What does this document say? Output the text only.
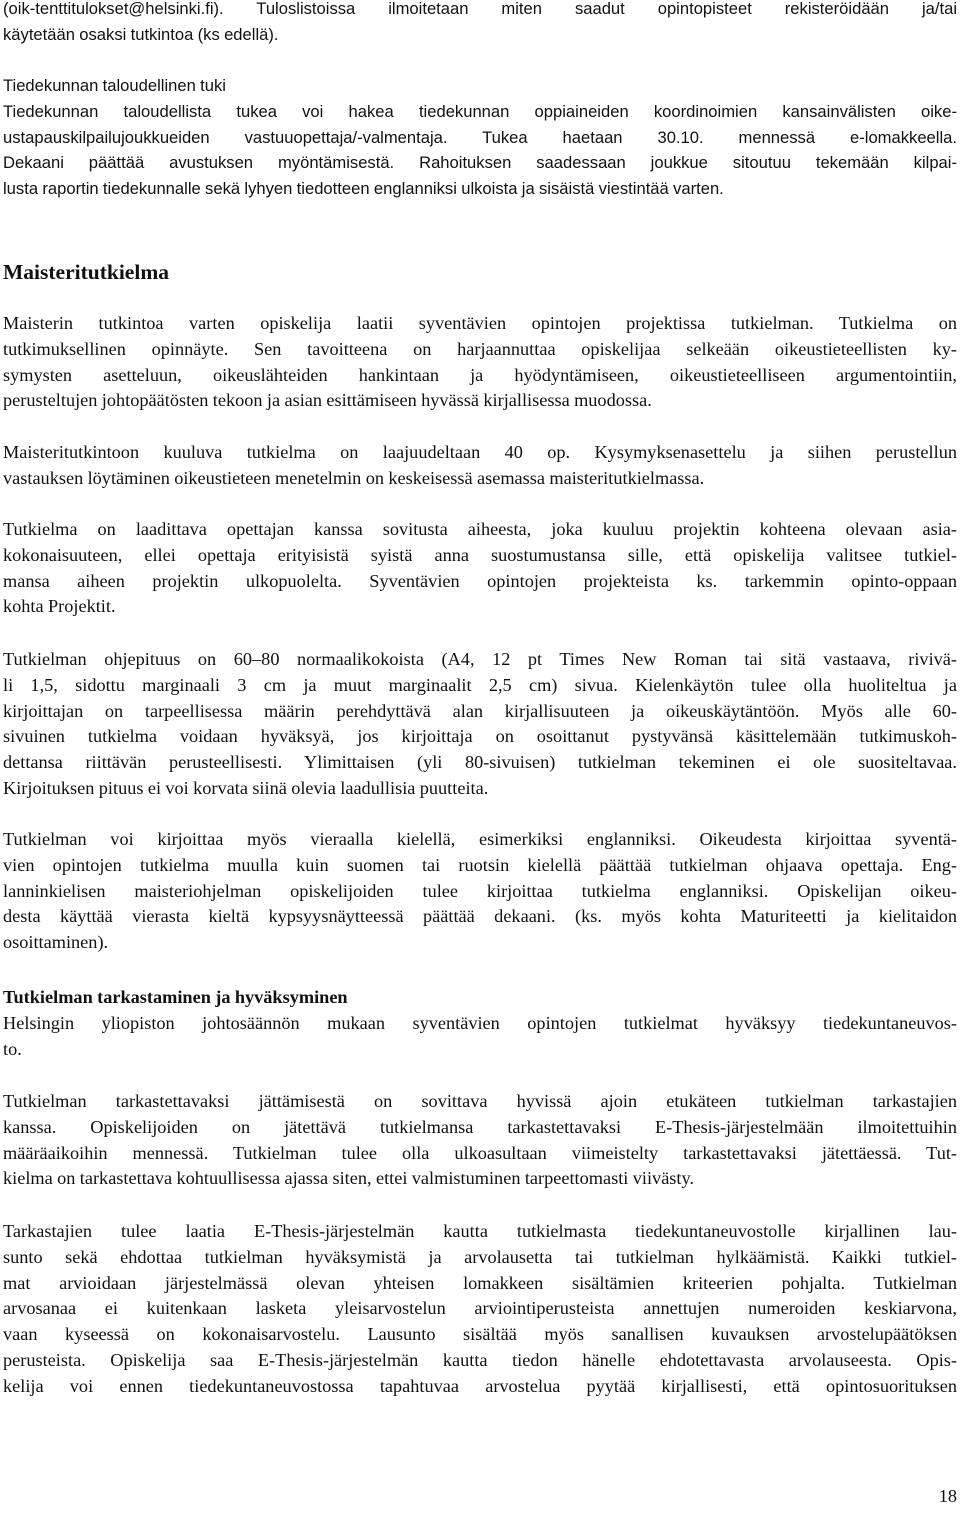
(oik-tenttitulokset@helsinki.fi). Tuloslistoissa ilmoitetaan miten saadut opintopisteet rekisteröidään ja/tai
käytetään osaksi tutkintoa (ks edellä).
Tiedekunnan taloudellinen tuki
Tiedekunnan taloudellista tukea voi hakea tiedekunnan oppiaineiden koordinoimien kansainvälisten oike-
ustapauskilpailujoukkueiden vastuuopettaja/-valmentaja. Tukea haetaan 30.10. mennessä e-lomakkeella.
Dekaani päättää avustuksen myöntämisestä. Rahoituksen saadessaan joukkue sitoutuu tekemään kilpai-
lusta raportin tiedekunnalle sekä lyhyen tiedotteen englanniksi ulkoista ja sisäistä viestintää varten.
Maisteritutkielma
Maisterin tutkintoa varten opiskelija laatii syventävien opintojen projektissa tutkielman. Tutkielma on
tutkimuksellinen opinnäyte. Sen tavoitteena on harjaannuttaa opiskelijaa selkeään oikeustieteellisten ky-
symysten asetteluun, oikeuslähteiden hankintaan ja hyödyntämiseen, oikeustieteelliseen argumentointiin,
perusteltujen johtopäätösten tekoon ja asian esittämiseen hyvässä kirjallisessa muodossa.
Maisteritutkintoon kuuluva tutkielma on laajuudeltaan 40 op. Kysymyksenasettelu ja siihen perustellun
vastauksen löytäminen oikeustieteen menetelmin on keskeisessä asemassa maisteritutkielmassa.
Tutkielma on laadittava opettajan kanssa sovitusta aiheesta, joka kuuluu projektin kohteena olevaan asia-
kokonaisuuteen, ellei opettaja erityisistä syistä anna suostumustansa sille, että opiskelija valitsee tutkiel-
mansa aiheen projektin ulkopuolelta. Syventävien opintojen projekteista ks. tarkemmin opinto-oppaan
kohta Projektit.
Tutkielman ohjepituus on 60–80 normaalikokoista (A4, 12 pt Times New Roman tai sitä vastaava, rivivä-
li 1,5, sidottu marginaali 3 cm ja muut marginaalit 2,5 cm) sivua. Kielenkäytön tulee olla huoliteltua ja
kirjoittajan on tarpeellisessa määrin perehdyttävä alan kirjallisuuteen ja oikeuskäytäntöön. Myös alle 60-
sivuinen tutkielma voidaan hyväksyä, jos kirjoittaja on osoittanut pystyvänsä käsittelemään tutkimuskoh-
dettansa riittävän perusteellisesti. Ylimittaisen (yli 80-sivuisen) tutkielman tekeminen ei ole suositeltavaa.
Kirjoituksen pituus ei voi korvata siinä olevia laadullisia puutteita.
Tutkielman voi kirjoittaa myös vieraalla kielellä, esimerkiksi englanniksi. Oikeudesta kirjoittaa syventä-
vien opintojen tutkielma muulla kuin suomen tai ruotsin kielellä päättää tutkielman ohjaava opettaja. Eng-
lanninkielisen maisteriohjelman opiskelijoiden tulee kirjoittaa tutkielma englanniksi. Opiskelijan oikeu-
desta käyttää vierasta kieltä kypsyysnäytteessä päättää dekaani. (ks. myös kohta Maturiteetti ja kielitaidon
osoittaminen).
Tutkielman tarkastaminen ja hyväksyminen
Helsingin yliopiston johtosäännön mukaan syventävien opintojen tutkielmat hyväksyy tiedekuntaneuvos-
to.
Tutkielman tarkastettavaksi jättämisestä on sovittava hyvissä ajoin etukäteen tutkielman tarkastajien
kanssa. Opiskelijoiden on jätettävä tutkielmansa tarkastettavaksi E-Thesis-järjestelmään ilmoitettuihin
määräaikoihin mennessä. Tutkielman tulee olla ulkoasultaan viimeistelty tarkastettavaksi jätettäessä. Tut-
kielma on tarkastettava kohtuullisessa ajassa siten, ettei valmistuminen tarpeettomasti viivästy.
Tarkastajien tulee laatia E-Thesis-järjestelmän kautta tutkielmasta tiedekuntaneuvostolle kirjallinen lau-
sunto sekä ehdottaa tutkielman hyväksymistä ja arvolausetta tai tutkielman hylkäämistä. Kaikki tutkiel-
mat arvioidaan järjestelmässä olevan yhteisen lomakkeen sisältämien kriteerien pohjalta. Tutkielman
arvosanaa ei kuitenkaan lasketa yleisarvostelun arviointiperusteista annettujen numeroiden keskiarvona,
vaan kyseessä on kokonaisarvostelu. Lausunto sisältää myös sanallisen kuvauksen arvostelupäätöksen
perusteista. Opiskelija saa E-Thesis-järjestelmän kautta tiedon hänelle ehdotettavasta arvolauseesta. Opis-
kelija voi ennen tiedekuntaneuvostossa tapahtuvaa arvostelua pyytää kirjallisesti, että opintosuorituksen
18
